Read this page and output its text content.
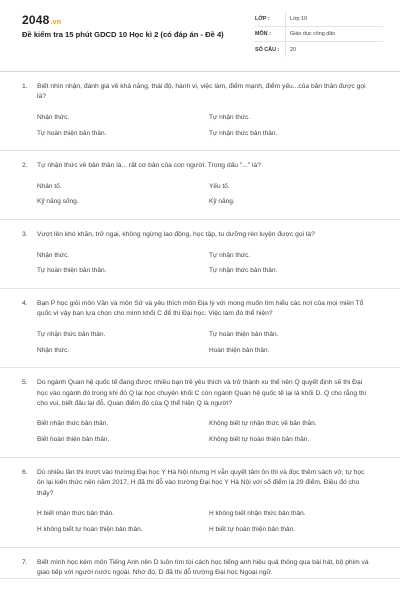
2048.vn
Đề kiểm tra 15 phút GDCD 10 Học kì 2 (có đáp án - Đề 4)
LỚP :	Lớp 10
MÔN :	Giáo dục công dân
SỐ CÂU :	20
1.	Biết nhìn nhận, đánh giá về khả năng, thái độ, hành vi, việc làm, điểm mạnh, điểm yếu...của bản thân được gọi là?
Nhận thức.	Tự nhận thức.
Tự hoàn thiện bản thân.	Tự nhận thức bản thân.
2.	Tự nhận thức về bản thân là... rất cơ bản của con người. Trong dấu "..." là?
Nhân tố.	Yếu tố.
Kỹ năng sống.	Kỹ năng.
3.	Vượt lên khó khăn, trở ngại, không ngừng lao động, học tập, tu dưỡng rèn luyện được gọi là?
Nhận thức.	Tự nhận thức.
Tự hoàn thiện bản thân.	Tự nhận thức bản thân.
4.	Bạn P học giỏi môn Văn và môn Sử và yêu thích môn Địa lý với mong muốn tìm hiểu các nơi của mọi miền Tổ quốc vì vậy bạn lựa chọn cho mình khối C để thi Đại học. Việc làm đó thể hiện?
Tự nhận thức bản thân.	Tự hoàn thiện bản thân.
Nhận thức.	Hoàn thiện bản thân.
5.	Do ngành Quan hệ quốc tế đang được nhiều bạn trẻ yêu thích và trở thành xu thế nên Q quyết định sẽ thi Đại học vào ngành đó trong khi đó Q lại học chuyên khối C còn ngành Quan hệ quốc tế lại là khối D. Q cho rằng thi cho vui, biết đâu lại đỗ. Quan điểm đó của Q thể hiện Q là người?
Biết nhận thức bản thân.	Không biết tự nhận thức về bản thân.
Biết hoàn thiện bản thân.	Không biết tự hoàn thiện bản thân.
6.	Dù nhiều lần thi trượt vào trường Đại học Y Hà Nội nhưng H vẫn quyết tâm ôn thi và đọc thêm sách vở, tự học ôn lại kiến thức nên năm 2017, H đã thi đỗ vào trường Đại học Y Hà Nội với số điểm là 29 điểm. Điều đó cho thấy?
H biết nhận thức bản thân.	H không biết nhận thức bản thân.
H không biết tự hoàn thiện bản thân.	H biết tự hoàn thiện bản thân.
7.	Biết mình học kém môn Tiếng Anh nên D luôn tìm tòi cách học tiếng anh hiệu quả thông qua bài hát, bộ phim và giao tiếp với người nước ngoài. Nhờ đó, D đã thi đỗ trường Đại học Ngoại ngữ.
